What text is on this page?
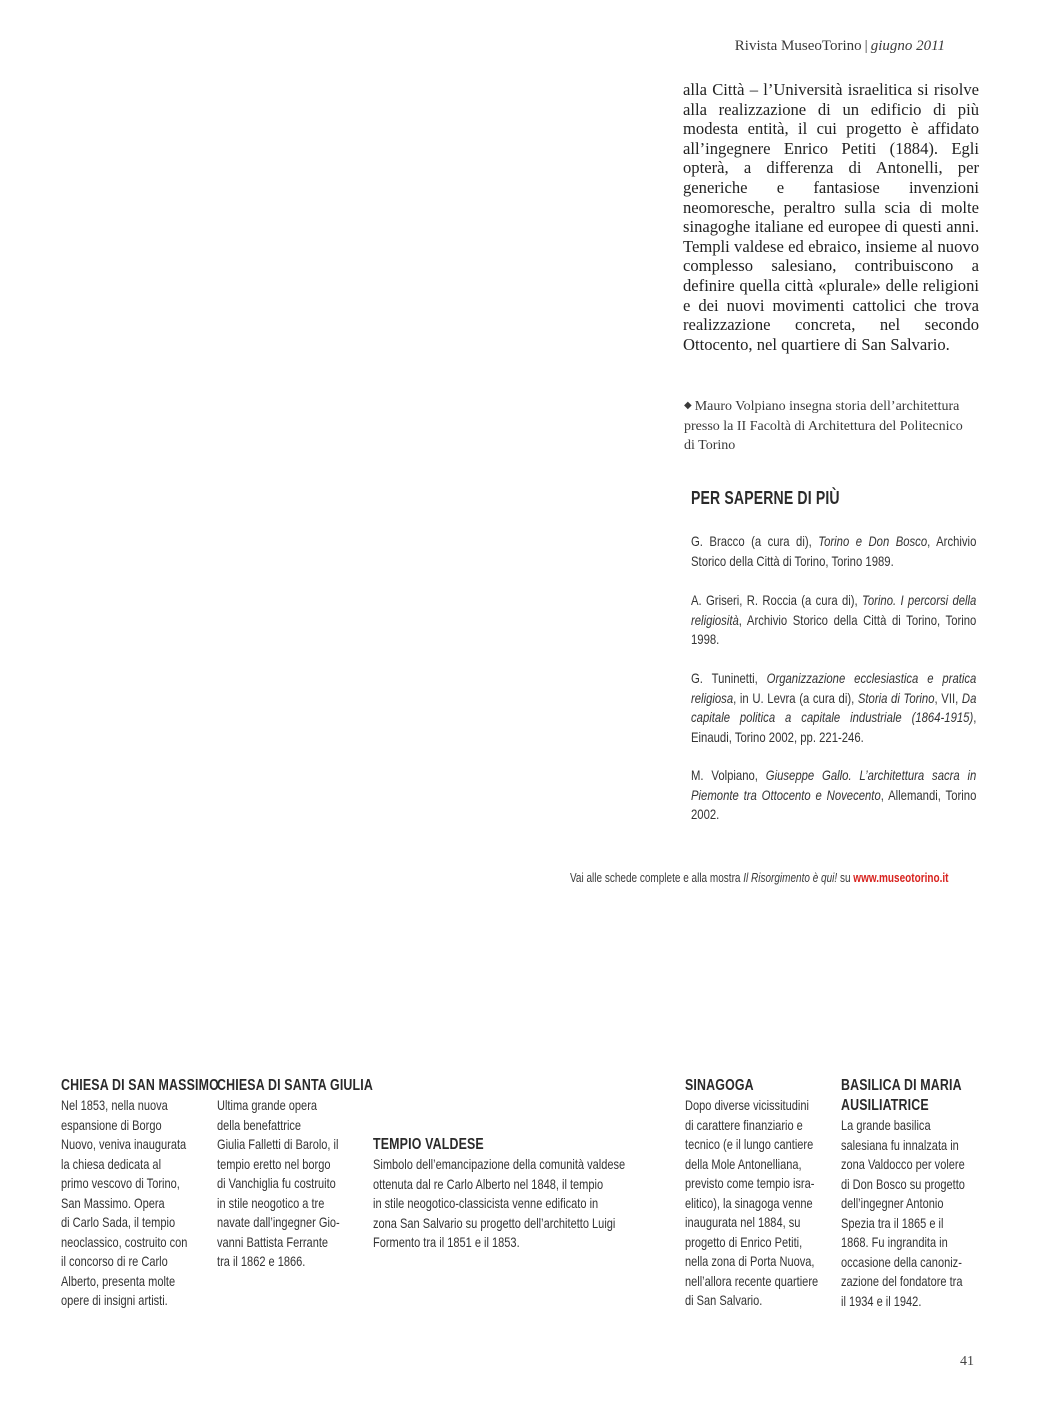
Rivista MuseoTorino | giugno 2011
alla Città – l’Università israelitica si risolve alla realizzazione di un edificio di più modesta entità, il cui progetto è affidato all’ingegnere Enrico Petiti (1884). Egli opterà, a differenza di Antonelli, per generiche e fantasiose invenzioni neomoresche, peraltro sulla scia di molte sinagoghe italiane ed europee di questi anni. Templi valdese ed ebraico, insieme al nuovo complesso salesiano, contribuiscono a definire quella città «plurale» delle religioni e dei nuovi movimenti cattolici che trova realizzazione concreta, nel secondo Ottocento, nel quartiere di San Salvario.
◆ Mauro Volpiano insegna storia dell’architettura presso la II Facoltà di Architettura del Politecnico di Torino
PER SAPERNE DI PIÙ
G. Bracco (a cura di), Torino e Don Bosco, Archivio Storico della Città di Torino, Torino 1989.
A. Griseri, R. Roccia (a cura di), Torino. I percorsi della religiosità, Archivio Storico della Città di Torino, Torino 1998.
G. Tuninetti, Organizzazione ecclesiastica e pratica religiosa, in U. Levra (a cura di), Storia di Torino, VII, Da capitale politica a capitale industriale (1864-1915), Einaudi, Torino 2002, pp. 221-246.
M. Volpiano, Giuseppe Gallo. L’architettura sacra in Piemonte tra Ottocento e Novecento, Allemandi, Torino 2002.
Vai alle schede complete e alla mostra Il Risorgimento è qui! su www.museotorino.it
CHIESA DI SAN MASSIMO
Nel 1853, nella nuova
espansione di Borgo
Nuovo, veniva inaugurata
la chiesa dedicata al
primo vescovo di Torino,
San Massimo. Opera
di Carlo Sada, il tempio
neoclassico, costruito con
il concorso di re Carlo
Alberto, presenta molte
opere di insigni artisti.
CHIESA DI SANTA GIULIA
Ultima grande opera
della benefattrice
Giulia Falletti di Barolo, il
tempio eretto nel borgo
di Vanchiglia fu costruito
in stile neogotico a tre
navate dall’ingegner Gio-
vanni Battista Ferrante
tra il 1862 e 1866.
TEMPIO VALDESE
Simbolo dell’emancipazione della comunità valdese
ottenuta dal re Carlo Alberto nel 1848, il tempio
in stile neogotico-classicista venne edificato in
zona San Salvario su progetto dell’architetto Luigi
Formento tra il 1851 e il 1853.
SINAGOGA
Dopo diverse vicissitudini
di carattere finanziario e
tecnico (e il lungo cantiere
della Mole Antonelliana,
previsto come tempio isra-
elitico), la sinagoga venne
inaugurata nel 1884, su
progetto di Enrico Petiti,
nella zona di Porta Nuova,
nell’allora recente quartiere
di San Salvario.
BASILICA DI MARIA
AUSILIATRICE
La grande basilica
salesiana fu innalzata in
zona Valdocco per volere
di Don Bosco su progetto
dell’ingegner Antonio
Spezia tra il 1865 e il
1868. Fu ingrandita in
occasione della canoniz-
zazione del fondatore tra
il 1934 e il 1942.
41
